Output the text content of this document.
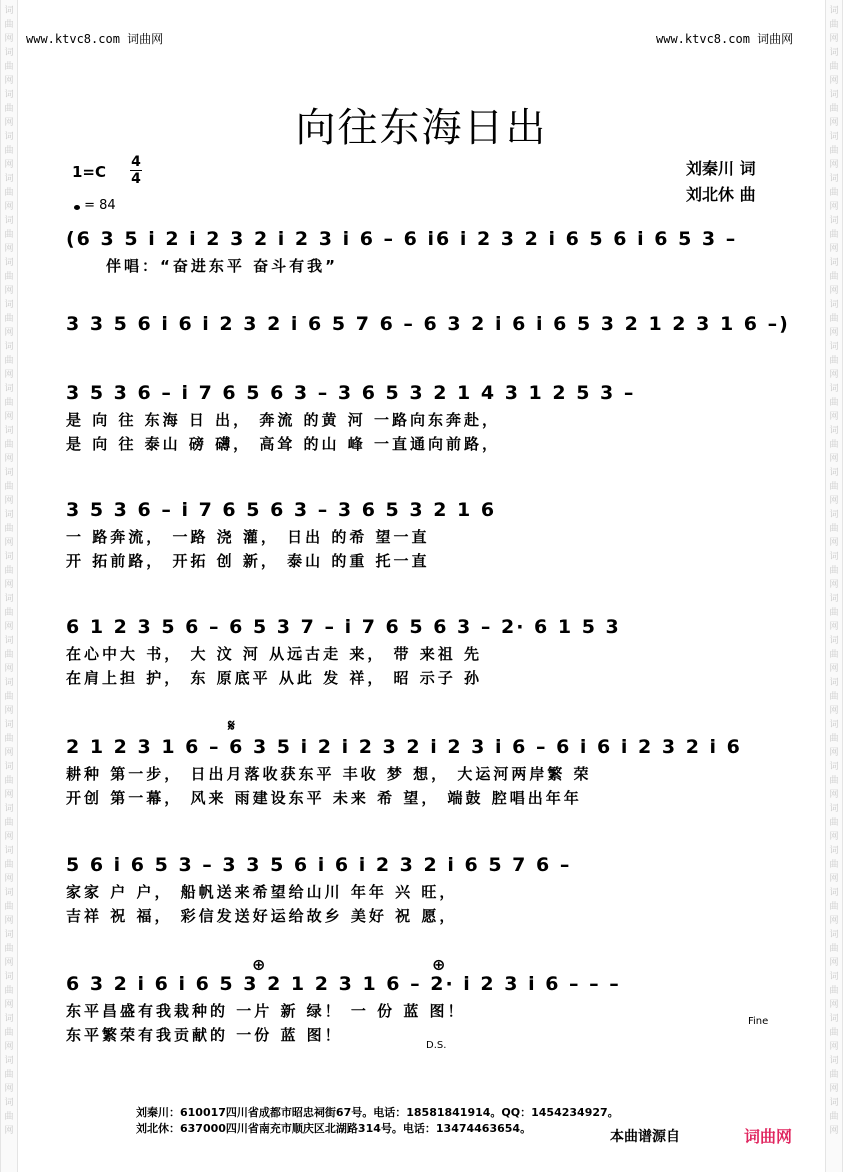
词
曲
网
词
曲
网
词
曲
网
词
曲
网
词
曲
网
词
曲
网
词
曲
网
词
曲
网
词
曲
网
词
曲
网
词
曲
网
词
曲
网
词
曲
网
词
曲
网
词
曲
网
词
曲
网
词
曲
网
词
曲
网
词
曲
网
词
曲
网
词
曲
网
词
曲
网
词
曲
网
词
曲
网
词
曲
网
词
曲
网
词
曲
网
词
曲
网
词
曲
网
词
曲
网
词
曲
网
词
曲
网
词
曲
网
词
曲
网
词
曲
网
词
曲
网
词
曲
网
词
曲
网
词
曲
网
词
曲
网
词
曲
网
词
曲
网
词
曲
网
词
曲
网
词
曲
网
词
曲
网
词
曲
网
词
曲
网
词
曲
网
词
曲
网
词
曲
网
词
曲
网
词
曲
网
词
曲
网
www.ktvc8.com 词曲网	www.ktvc8.com 词曲网
向往东海日出
1=C
4
4
= 84
刘秦川 词
刘北休 曲
(6 3 5 i 2 i 2 3 2 i 2 3 i 6 – 6 i6 i 2 3 2 i 6 5 6 i 6 5 3 –
伴唱：“奋进东平 奋斗有我”
3 3 5 6 i 6 i 2 3 2 i 6 5 7 6 – 6 3 2 i 6 i 6 5 3 2 1 2 3 1 6 –)
3 5 3 6 – i 7 6 5 6 3 – 3 6 5 3 2 1 4 3 1 2 5 3 –
是 向 往 东海 日 出， 奔流 的黄 河 一路向东奔赴，
是 向 往 泰山 磅 礴， 高耸 的山 峰 一直通向前路，
3 5 3 6 – i 7 6 5 6 3 – 3 6 5 3 2 1 6
一 路奔流， 一路 浇 灌， 日出 的希 望一直
开 拓前路， 开拓 创 新， 泰山 的重 托一直
6 1 2 3 5 6 – 6 5 3 7 – i 7 6 5 6 3 – 2· 6 1 5 3
在心中大 书， 大 汶 河 从远古走 来， 带 来祖 先
在肩上担 护， 东 原底平 从此 发 祥， 昭 示子 孙
𝄋
2 1 2 3 1 6 – 6 3 5 i 2 i 2 3 2 i 2 3 i 6 – 6 i 6 i 2 3 2 i 6
耕种 第一步， 日出月落收获东平 丰收 梦 想， 大运河两岸繁 荣
开创 第一幕， 风来 雨建设东平 未来 希 望， 端鼓 腔唱出年年
5 6 i 6 5 3 – 3 3 5 6 i 6 i 2 3 2 i 6 5 7 6 –
家家 户 户， 船帆送来希望给山川 年年 兴 旺，
吉祥 祝 福， 彩信发送好运给故乡 美好 祝 愿，
⊕	⊕
6 3 2 i 6 i 6 5 3 2 1 2 3 1 6 – 2· i 2 3 i 6 – – –
东平昌盛有我栽种的 一片 新 绿！ 一 份 蓝 图！
东平繁荣有我贡献的 一份 蓝 图！
Fine
D.S.
刘秦川：610017四川省成都市昭忠祠街67号。电话：18581841914。QQ：1454234927。
刘北休：637000四川省南充市顺庆区北湖路314号。电话：13474463654。
本曲谱源自	词曲网
